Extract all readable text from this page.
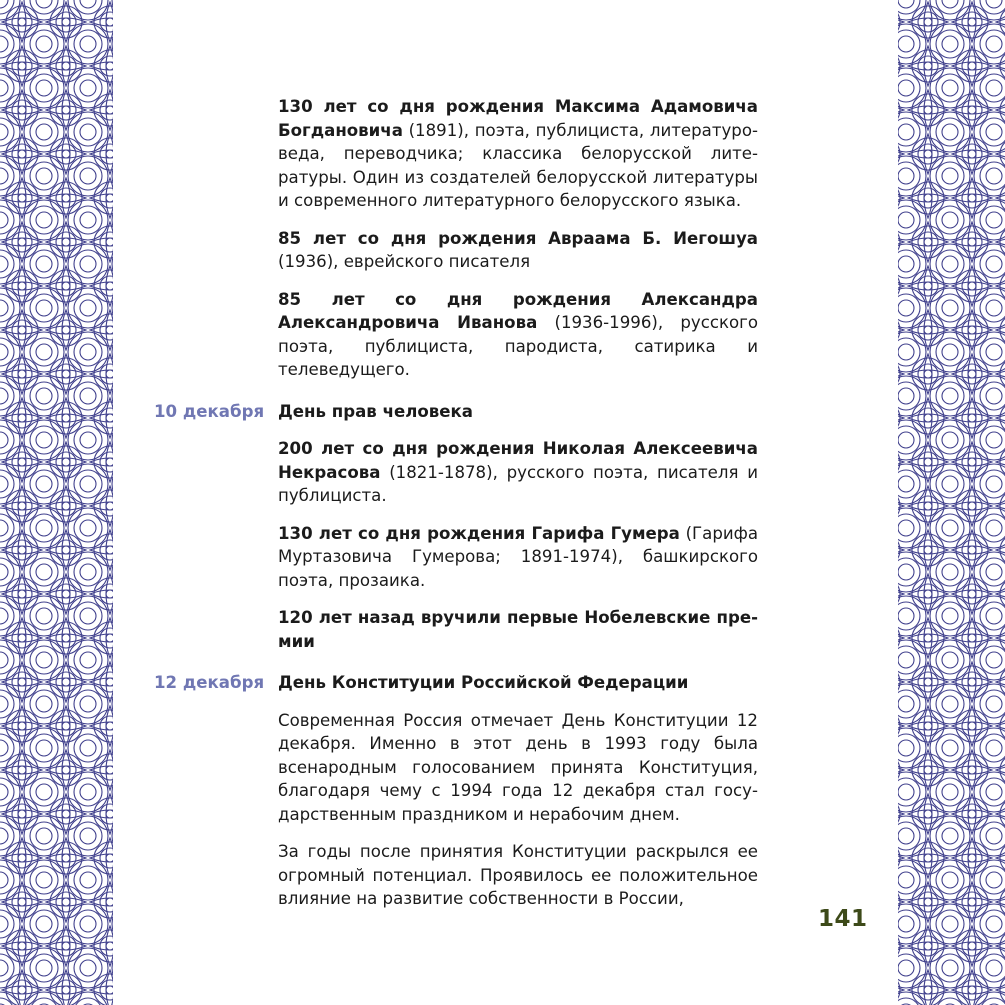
130 лет со дня рождения Максима Адамовича Богдановича (1891), поэта, публициста, литературоведа, переводчика; классика белорусской литературы. Один из создателей белорусской литературы и современного литературного белорусского языка.

85 лет со дня рождения Авраама Б. Иегошуа (1936), еврейского писателя

85 лет со дня рождения Александра Александровича Иванова (1936-1996), русского поэта, публициста, пародиста, сатирика и телеведущего.

10 декабря День прав человека

200 лет со дня рождения Николая Алексеевича Некрасова (1821-1878), русского поэта, писателя и публициста.

130 лет со дня рождения Гарифа Гумера (Гарифа Муртазовича Гумерова; 1891-1974), башкирского поэта, прозаика.

120 лет назад вручили первые Нобелевские премии

12 декабря День Конституции Российской Федерации

Современная Россия отмечает День Конституции 12 декабря. Именно в этот день в 1993 году была всенародным голосованием принята Конституция, благодаря чему с 1994 года 12 декабря стал государственным праздником и нерабочим днем.

За годы после принятия Конституции раскрылся ее огромный потенциал. Проявилось ее положительное влияние на развитие собственности в России,

141
